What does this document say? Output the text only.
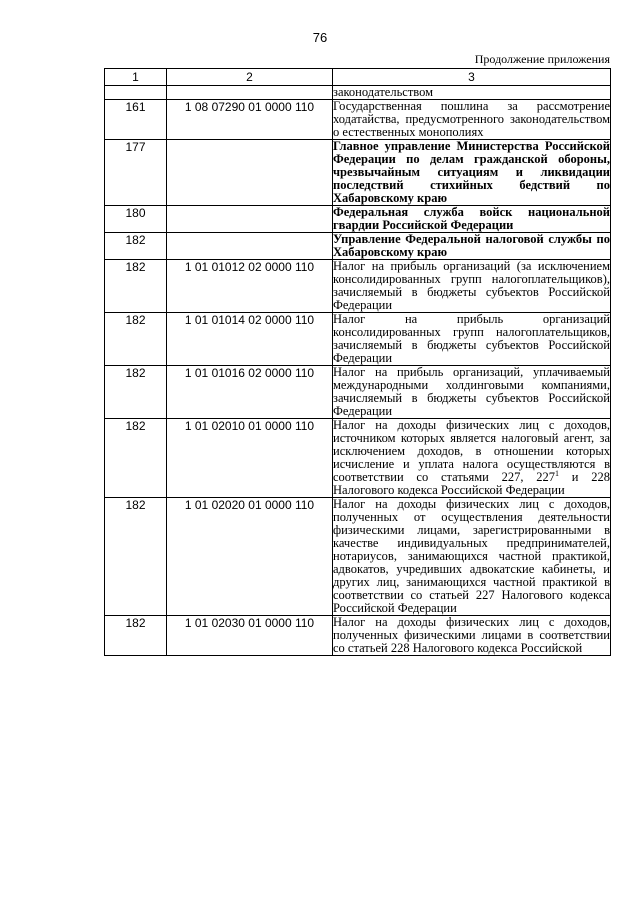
76
Продолжение приложения
1	2	3
		законодательством
161	1 08 07290 01 0000 110	Государственная пошлина за рассмотрение ходатайства, предусмотренного законодательством о естественных монополиях
177		Главное управление Министерства Российской Федерации по делам гражданской обороны, чрезвычайным ситуациям и ликвидации последствий стихийных бедствий по Хабаровскому краю
180		Федеральная служба войск национальной гвардии Российской Федерации
182		Управление Федеральной налоговой службы по Хабаровскому краю
182	1 01 01012 02 0000 110	Налог на прибыль организаций (за исключением консолидированных групп налогоплательщиков), зачисляемый в бюджеты субъектов Российской Федерации
182	1 01 01014 02 0000 110	Налог на прибыль организаций консолидированных групп налогоплательщиков, зачисляемый в бюджеты субъектов Российской Федерации
182	1 01 01016 02 0000 110	Налог на прибыль организаций, уплачиваемый международными холдинговыми компаниями, зачисляемый в бюджеты субъектов Российской Федерации
182	1 01 02010 01 0000 110	Налог на доходы физических лиц с доходов, источником которых является налоговый агент, за исключением доходов, в отношении которых исчисление и уплата налога осуществляются в соответствии со статьями 227, $227^1$ и 228 Налогового кодекса Российской Федерации
182	1 01 02020 01 0000 110	Налог на доходы физических лиц с доходов, полученных от осуществления деятельности физическими лицами, зарегистрированными в качестве индивидуальных предпринимателей, нотариусов, занимающихся частной практикой, адвокатов, учредивших адвокатские кабинеты, и других лиц, занимающихся частной практикой в соответствии со статьей 227 Налогового кодекса Российской Федерации
182	1 01 02030 01 0000 110	Налог на доходы физических лиц с доходов, полученных физическими лицами в соответствии со статьей 228 Налогового кодекса Российской
